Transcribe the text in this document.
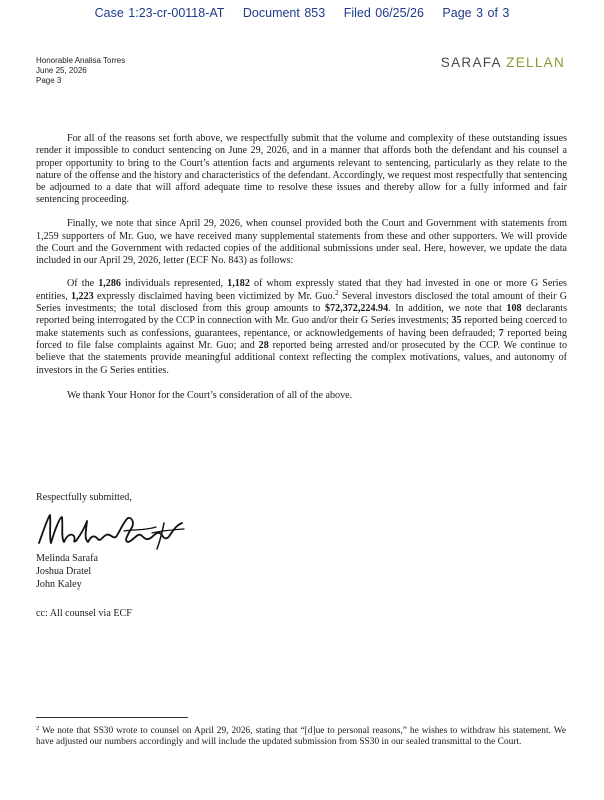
Case 1:23-cr-00118-AT Document 853 Filed 06/25/26 Page 3 of 3
Honorable Analisa Torres
June 25, 2026
Page 3
SARAFA ZELLAN

For all of the reasons set forth above, we respectfully submit that the volume and complexity of these outstanding issues render it impossible to conduct sentencing on June 29, 2026, and in a manner that affords both the defendant and his counsel a proper opportunity to bring to the Court’s attention facts and arguments relevant to sentencing, particularly as they relate to the nature of the offense and the history and characteristics of the defendant. Accordingly, we request most respectfully that sentencing be adjourned to a date that will afford adequate time to resolve these issues and thereby allow for a fully informed and fair sentencing proceeding.

Finally, we note that since April 29, 2026, when counsel provided both the Court and Government with statements from 1,259 supporters of Mr. Guo, we have received many supplemental statements from these and other supporters. We will provide the Court and the Government with redacted copies of the additional submissions under seal. Here, however, we update the data included in our April 29, 2026, letter (ECF No. 843) as follows:

Of the 1,286 individuals represented, 1,182 of whom expressly stated that they had invested in one or more G Series entities, 1,223 expressly disclaimed having been victimized by Mr. Guo.$^2$ Several investors disclosed the total amount of their G Series investments; the total disclosed from this group amounts to $72,372,224.94. In addition, we note that 108 declarants reported being interrogated by the CCP in connection with Mr. Guo and/or their G Series investments; 35 reported being coerced to make statements such as confessions, guarantees, repentance, or acknowledgements of having been defrauded; 7 reported being forced to file false complaints against Mr. Guo; and 28 reported being arrested and/or prosecuted by the CCP. We continue to believe that the statements provide meaningful additional context reflecting the complex motivations, values, and autonomy of investors in the G Series entities.

We thank Your Honor for the Court’s consideration of all of the above.

Respectfully submitted,
Melinda Sarafa
Joshua Dratel
John Kaley
cc: All counsel via ECF
$^2$ We note that SS30 wrote to counsel on April 29, 2026, stating that “[d]ue to personal reasons,” he wishes to withdraw his statement. We have adjusted our numbers accordingly and will include the updated submission from SS30 in our sealed transmittal to the Court.
